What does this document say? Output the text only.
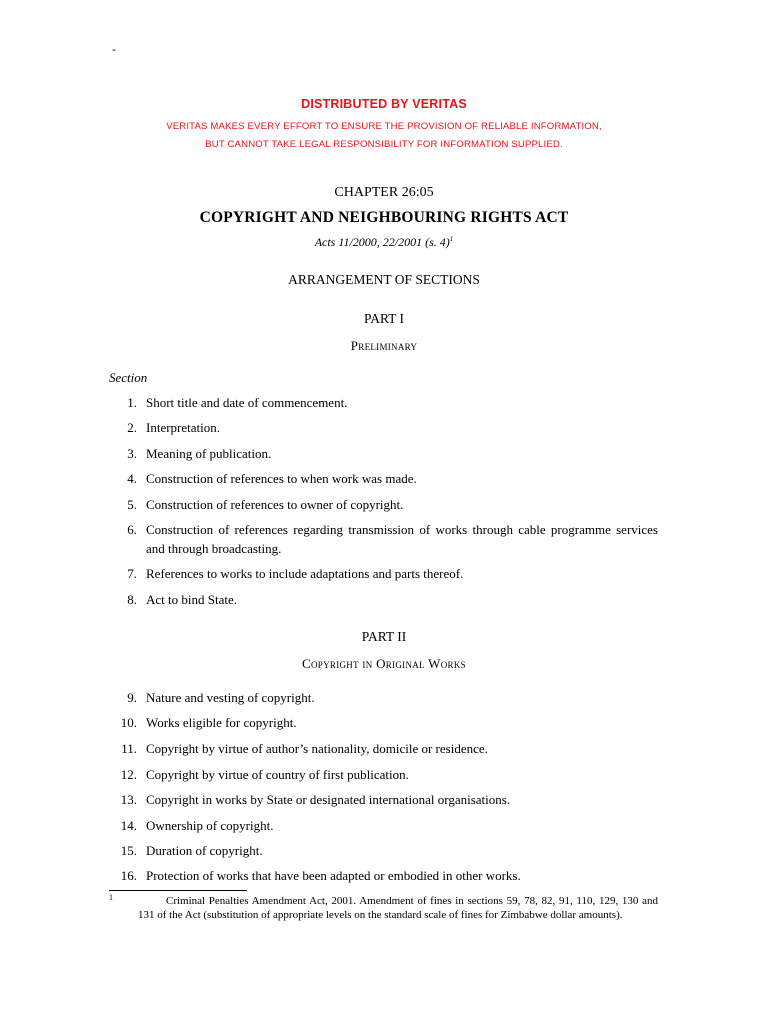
-
DISTRIBUTED BY VERITAS
VERITAS MAKES EVERY EFFORT TO ENSURE THE PROVISION OF RELIABLE INFORMATION,
BUT CANNOT TAKE LEGAL RESPONSIBILITY FOR INFORMATION SUPPLIED.
CHAPTER 26:05
COPYRIGHT AND NEIGHBOURING RIGHTS ACT
Acts 11/2000, 22/2001 (s. 4)$^1$
ARRANGEMENT OF SECTIONS
PART I
Preliminary
Section
1. Short title and date of commencement.
2. Interpretation.
3. Meaning of publication.
4. Construction of references to when work was made.
5. Construction of references to owner of copyright.
6. Construction of references regarding transmission of works through cable programme services and through broadcasting.
7. References to works to include adaptations and parts thereof.
8. Act to bind State.
PART II
Copyright in Original Works
9. Nature and vesting of copyright.
10. Works eligible for copyright.
11. Copyright by virtue of author’s nationality, domicile or residence.
12. Copyright by virtue of country of first publication.
13. Copyright in works by State or designated international organisations.
14. Ownership of copyright.
15. Duration of copyright.
16. Protection of works that have been adapted or embodied in other works.
1	Criminal Penalties Amendment Act, 2001. Amendment of fines in sections 59, 78, 82, 91, 110, 129, 130 and 131 of the Act (substitution of appropriate levels on the standard scale of fines for Zimbabwe dollar amounts).
